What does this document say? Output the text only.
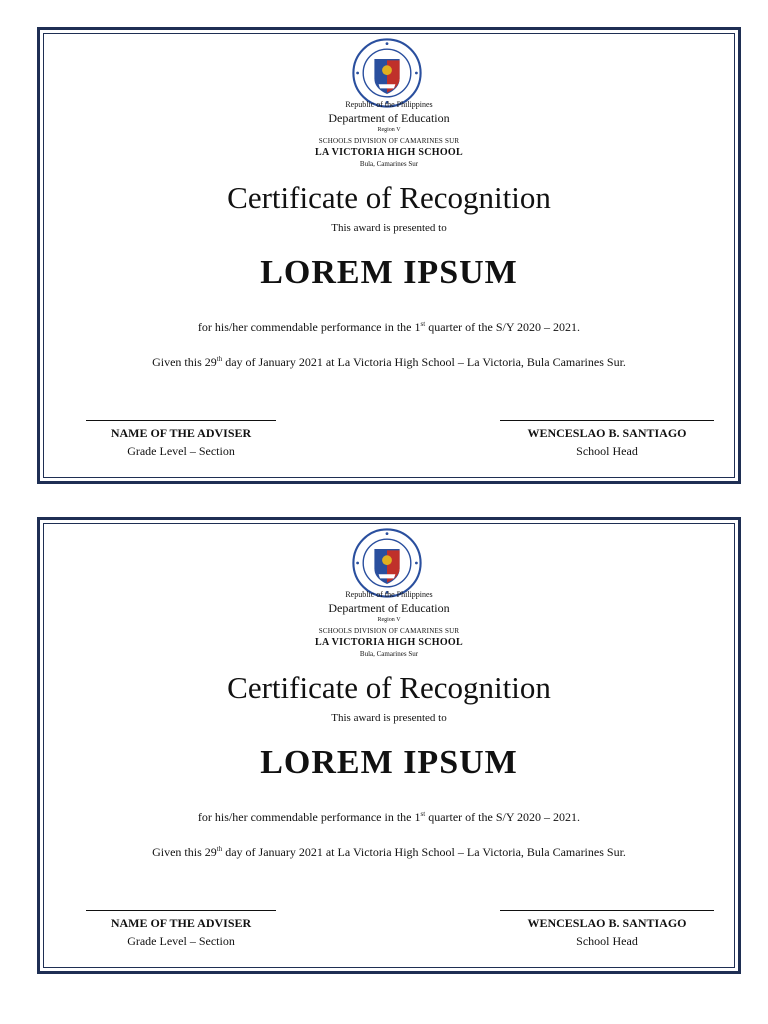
Republic of the Philippines
Department of Education
Region V
SCHOOLS DIVISION OF CAMARINES SUR
LA VICTORIA HIGH SCHOOL
Bula, Camarines Sur
Certificate of Recognition
This award is presented to
LOREM IPSUM
for his/her commendable performance in the 1st quarter of the S/Y 2020 – 2021.
Given this 29th day of January 2021 at La Victoria High School – La Victoria, Bula Camarines Sur.
NAME OF THE ADVISER
Grade Level – Section
WENCESLAO B. SANTIAGO
School Head
Republic of the Philippines
Department of Education
Region V
SCHOOLS DIVISION OF CAMARINES SUR
LA VICTORIA HIGH SCHOOL
Bula, Camarines Sur
Certificate of Recognition
This award is presented to
LOREM IPSUM
for his/her commendable performance in the 1st quarter of the S/Y 2020 – 2021.
Given this 29th day of January 2021 at La Victoria High School – La Victoria, Bula Camarines Sur.
NAME OF THE ADVISER
Grade Level – Section
WENCESLAO B. SANTIAGO
School Head
